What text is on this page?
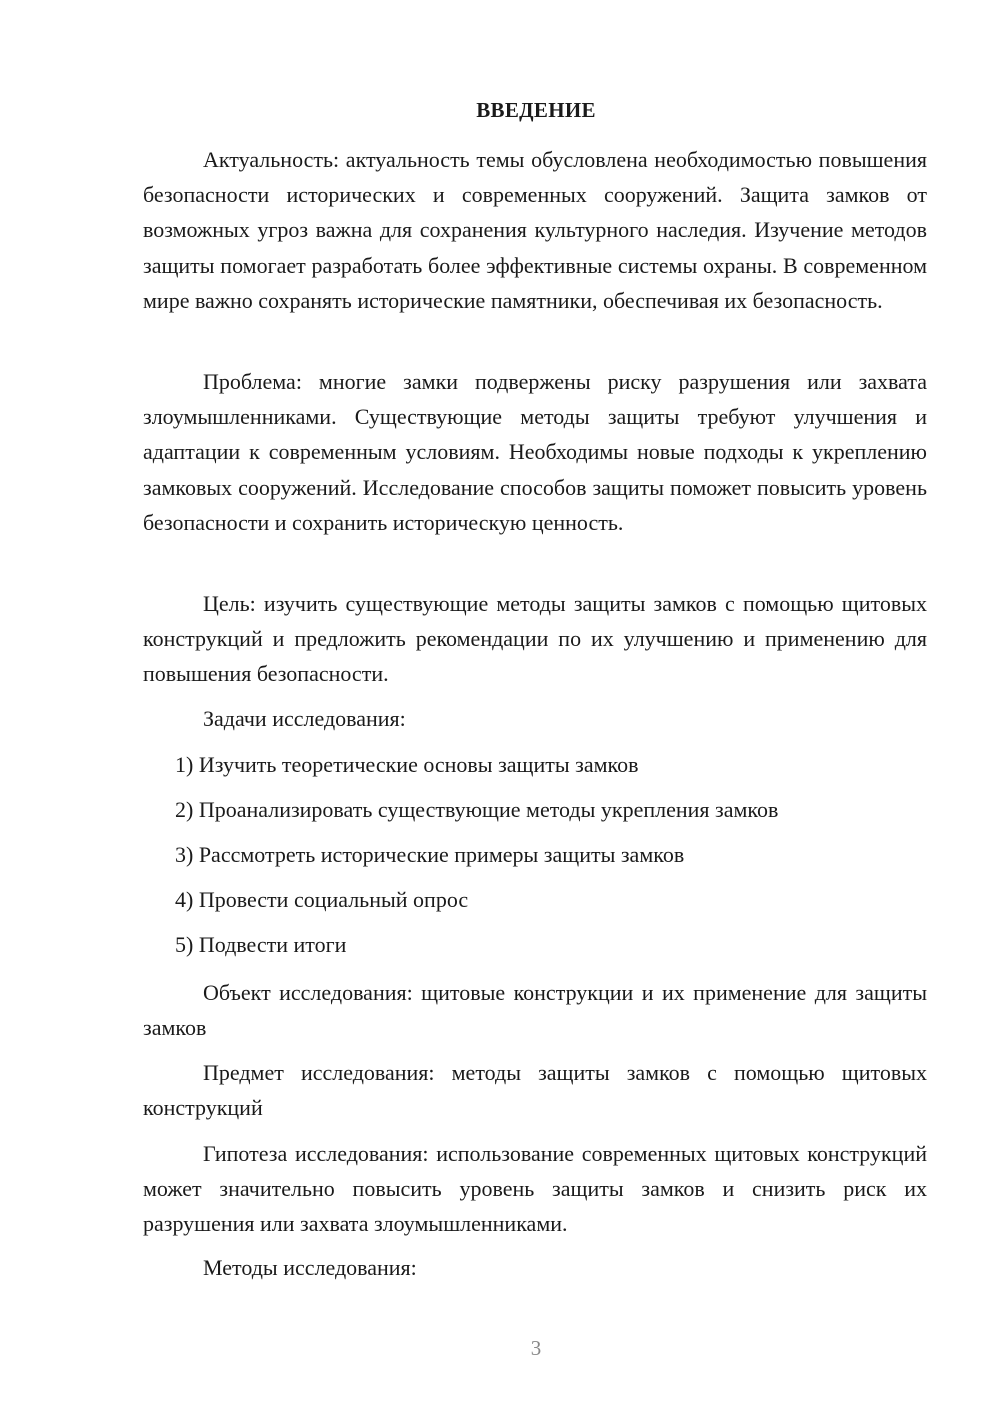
ВВЕДЕНИЕ
Актуальность: актуальность темы обусловлена необходимостью повышения безопасности исторических и современных сооружений. Защита замков от возможных угроз важна для сохранения культурного наследия. Изучение методов защиты помогает разработать более эффективные системы охраны. В современном мире важно сохранять исторические памятники, обеспечивая их безопасность.
Проблема: многие замки подвержены риску разрушения или захвата злоумышленниками. Существующие методы защиты требуют улучшения и адаптации к современным условиям. Необходимы новые подходы к укреплению замковых сооружений. Исследование способов защиты поможет повысить уровень безопасности и сохранить историческую ценность.
Цель: изучить существующие методы защиты замков с помощью щитовых конструкций и предложить рекомендации по их улучшению и применению для повышения безопасности.
Задачи исследования:
1) Изучить теоретические основы защиты замков
2) Проанализировать существующие методы укрепления замков
3) Рассмотреть исторические примеры защиты замков
4) Провести социальный опрос
5) Подвести итоги
Объект исследования: щитовые конструкции и их применение для защиты замков
Предмет исследования: методы защиты замков с помощью щитовых конструкций
Гипотеза исследования: использование современных щитовых конструкций может значительно повысить уровень защиты замков и снизить риск их разрушения или захвата злоумышленниками.
Методы исследования:
3
